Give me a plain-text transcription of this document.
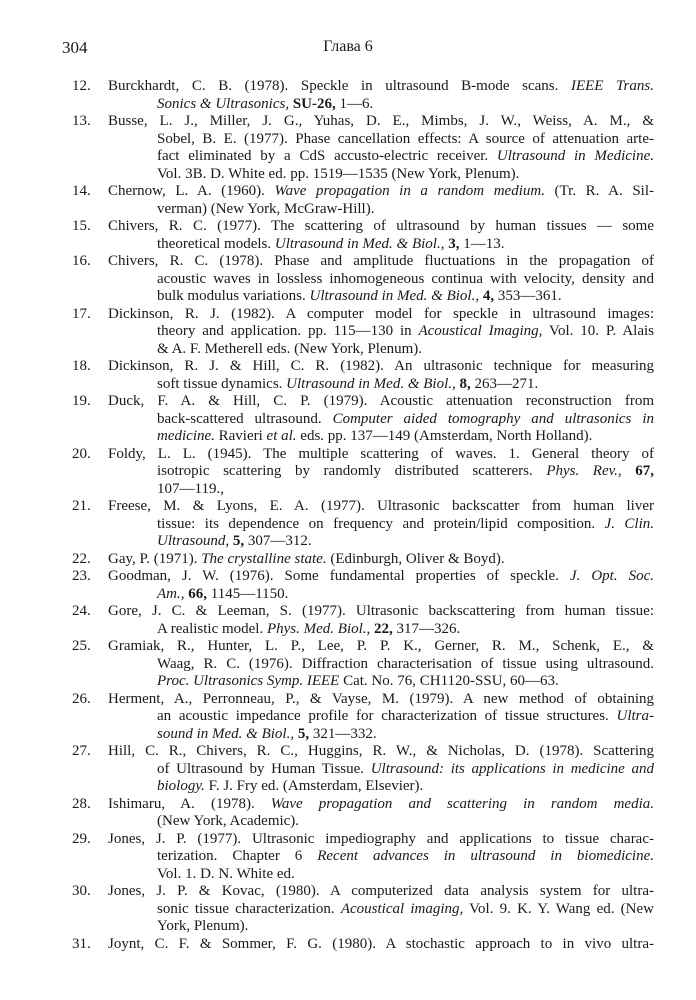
304	Глава 6
12. Burckhardt, C. B. (1978). Speckle in ultrasound B-mode scans. IEEE Trans.
Sonics & Ultrasonics, SU-26, 1—6.
13. Busse, L. J., Miller, J. G., Yuhas, D. E., Mimbs, J. W., Weiss, A. M., &
Sobel, B. E. (1977). Phase cancellation effects: A source of attenuation arte-
fact eliminated by a CdS accusto-electric receiver. Ultrasound in Medicine.
Vol. 3B. D. White ed. pp. 1519—1535 (New York, Plenum).
14. Chernow, L. A. (1960). Wave propagation in a random medium. (Tr. R. A. Sil-
verman) (New York, McGraw-Hill).
15. Chivers, R. C. (1977). The scattering of ultrasound by human tissues — some
theoretical models. Ultrasound in Med. & Biol., 3, 1—13.
16. Chivers, R. C. (1978). Phase and amplitude fluctuations in the propagation of
acoustic waves in lossless inhomogeneous continua with velocity, density and
bulk modulus variations. Ultrasound in Med. & Biol., 4, 353—361.
17. Dickinson, R. J. (1982). A computer model for speckle in ultrasound images:
theory and application. pp. 115—130 in Acoustical Imaging, Vol. 10. P. Alais
& A. F. Metherell eds. (New York, Plenum).
18. Dickinson, R. J. & Hill, C. R. (1982). An ultrasonic technique for measuring
soft tissue dynamics. Ultrasound in Med. & Biol., 8, 263—271.
19. Duck, F. A. & Hill, C. P. (1979). Acoustic attenuation reconstruction from
back-scattered ultrasound. Computer aided tomography and ultrasonics in
medicine. Ravieri et al. eds. pp. 137—149 (Amsterdam, North Holland).
20. Foldy, L. L. (1945). The multiple scattering of waves. 1. General theory of
isotropic scattering by randomly distributed scatterers. Phys. Rev., 67,
107—119.,
21. Freese, M. & Lyons, E. A. (1977). Ultrasonic backscatter from human liver
tissue: its dependence on frequency and protein/lipid composition. J. Clin.
Ultrasound, 5, 307—312.
22. Gay, P. (1971). The crystalline state. (Edinburgh, Oliver & Boyd).
23. Goodman, J. W. (1976). Some fundamental properties of speckle. J. Opt. Soc.
Am., 66, 1145—1150.
24. Gore, J. C. & Leeman, S. (1977). Ultrasonic backscattering from human tissue:
A realistic model. Phys. Med. Biol., 22, 317—326.
25. Gramiak, R., Hunter, L. P., Lee, P. P. K., Gerner, R. M., Schenk, E., &
Waag, R. C. (1976). Diffraction characterisation of tissue using ultrasound.
Proc. Ultrasonics Symp. IEEE Cat. No. 76, CH1120-SSU, 60—63.
26. Herment, A., Perronneau, P., & Vayse, M. (1979). A new method of obtaining
an acoustic impedance profile for characterization of tissue structures. Ultra-
sound in Med. & Biol., 5, 321—332.
27. Hill, C. R., Chivers, R. C., Huggins, R. W., & Nicholas, D. (1978). Scattering
of Ultrasound by Human Tissue. Ultrasound: its applications in medicine and
biology. F. J. Fry ed. (Amsterdam, Elsevier).
28. Ishimaru, A. (1978). Wave propagation and scattering in random media.
(New York, Academic).
29. Jones, J. P. (1977). Ultrasonic impediography and applications to tissue charac-
terization. Chapter 6 Recent advances in ultrasound in biomedicine.
Vol. 1. D. N. White ed.
30. Jones, J. P. & Kovac, (1980). A computerized data analysis system for ultra-
sonic tissue characterization. Acoustical imaging, Vol. 9. K. Y. Wang ed. (New
York, Plenum).
31. Joynt, C. F. & Sommer, F. G. (1980). A stochastic approach to in vivo ultra-
